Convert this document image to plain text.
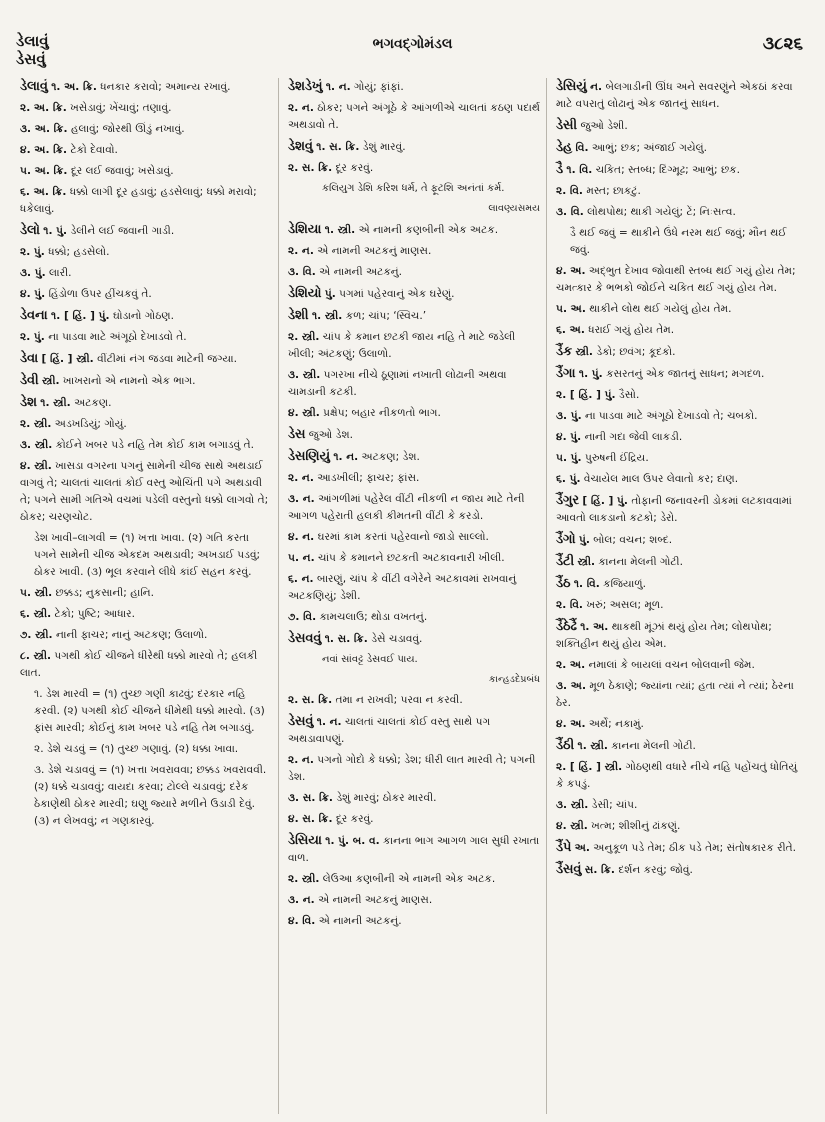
ડેલાવું
ડેસવું
ભગવદ્ગોમંડલ	૩૮૨૬
ડેલાવું ૧. અ. ક્રિ. ધનકાર કરાવો; અમાન્ય રખાવું.
૨. અ. ક્રિ. ખસેડાવું; ખેંચાવું; તણાવું.
૩. અ. ક્રિ. હલાવું; જોરથી ઊંડું નખાવું.
૪. અ. ક્રિ. ટેકો દેવાવો.
૫. અ. ક્રિ. દૂર લઈ જવાવું; ખસેડાવું.
૬. અ. ક્રિ. ધક્કો લાગી દૂર હડાવું; હડસેલાવું; ધક્કો મરાવો; ધકેલાવું.
ડેલો ૧. પું. ડેલીને લઈ જવાની ગાડી.
૨. પું. ધક્કો; હડસેલો.
૩. પું. લારી.
૪. પું. હિંડોળા ઉપર હીંચકવું તે.
ડેવના ૧. [ હિં. ] પું. ઘોડાનો ગોઠણ.
૨. પું. ના પાડવા માટે અંગૂઠો દેખાડવો તે.
ડેવા [ હિં. ] સ્ત્રી. વીંટીમાં નંગ જડવા માટેની જગ્યા.
ડેવી સ્ત્રી. ખાખરાનો એ નામનો એક ભાગ.
ડેશ ૧. સ્ત્રી. અટકણ.
૨. સ્ત્રી. અડખડિયું; ગોયું.
૩. સ્ત્રી. કોઈને ખબર પડે નહિ તેમ કોઈ કામ બગાડવું તે.
૪. સ્ત્રી. ખાસડા વગરના પગનું સામેની ચીજ સાથે અથડાઈ વાગવું તે; ચાલતાં ચાલતાં કોઈ વસ્તુ ઓચિંતી પગે અથડાવી તે; પગને સામી ગતિએ વચમાં પડેલી વસ્તુનો ધક્કો લાગવો તે; ઠોકર; ચરણચોટ.
ડેશ ખાવી–લાગવી = (૧) ખત્તા ખાવા. (૨) ગતિ કરતા પગને સામેની ચીજ એકદમ અથડાવી; અખડાઈ પડવું; ઠોકર ખાવી. (૩) ભૂલ કરવાને લીધે કાંઈ સહન કરવું.
૫. સ્ત્રી. છક્કડ; નુકસાની; હાનિ.
૬. સ્ત્રી. ટેકો; પુષ્ટિ; આધાર.
૭. સ્ત્રી. નાની ફાચર; નાનું અટકણ; ઉલાળો.
૮. સ્ત્રી. પગથી કોઈ ચીજને ધીરેથી ધક્કો મારવો તે; હલકી લાત.
૧. ડેશ મારવી = (૧) તુચ્છ ગણી કાઢવું; દરકાર નહિ કરવી. (૨) પગથી કોઈ ચીજને ધીમેથી ધક્કો મારવો. (૩) ફાંસ મારવી; કોઈનું કામ ખબર પડે નહિ તેમ બગાડવું.
૨. ડેશે ચડવું = (૧) તુચ્છ ગણાવું. (૨) ધક્કા ખાવા.
૩. ડેશે ચડાવવું = (૧) ખત્તા ખવરાવવા; છક્કડ ખવરાવવી. (૨) ધક્કે ચડાવવું; વાયદા કરવા; ટોલ્લે ચડાવવું; દરેક ઠેકાણેથી ઠોકર મારવી; ઘણુ જ્યારે મળીને ઉડાડી દેવું. (૩) ન લેખવવું; ન ગણકારવું.
ડેશડેખું ૧. ન. ગોયું; ફાંફાં.
૨. ન. ઠોકર; પગને અંગૂઠે કે આંગળીએ ચાલતાં કઠણ પદાર્થ અથડાવો તે.
ડેશવું ૧. સ. ક્રિ. ડેશું મારવું.
૨. સ. ક્રિ. દૂર કરવું.
કલિયુગ ડેશિ કરિશ ધર્મ, તે ફૂટશિ અનંતાં કર્મ.
લાવણ્યસમય
ડેશિયા ૧. સ્ત્રી. એ નામની કણબીની એક અટક.
૨. ન. એ નામની અટકનું માણસ.
૩. વિ. એ નામની અટકનું.
ડેશિયો પું. પગમાં પહેરવાનું એક ઘરેણું.
ડેશી ૧. સ્ત્રી. કળ; ચાંપ; ‘સ્વિચ.’
૨. સ્ત્રી. ચાંપ કે કમાન છટકી જાય નહિ તે માટે જડેલી ખીલી; અંટકણું; ઉલાળો.
૩. સ્ત્રી. પગરખા નીચે ઠૂણામાં નખાતી લોઢાની અથવા ચામડાની કટકી.
૪. સ્ત્રી. પ્રક્ષેપ; બહાર નીકળતો ભાગ.
ડેસ જુઓ ડેશ.
ડેસણિયું ૧. ન. અટકણ; ડેશ.
૨. ન. આડખીલી; ફાચર; ફાંસ.
૩. ન. આંગળીમાં પહેરેલ વીંટી નીકળી ન જાય માટે તેની આગળ પહેરાતી હલકી કીમતની વીંટી કે કરડો.
૪. ન. ઘરમાં કામ કરતાં પહેરવાનો જાડો સાલ્લો.
૫. ન. ચાંપ કે કમાનને છટકતી અટકાવનારી ખીલી.
૬. ન. બારણું, ચાંપ કે વીંટી વગેરેને અટકાવમાં રાખવાનું અટકણિયું; ડેશી.
૭. વિ. કામચલાઉ; થોડા વખતનું.
ડેસવવું ૧. સ. ક્રિ. ડેસે ચડાવવું.
નવાં સાંવટ્ટ ડેસવઈ પાય.
કાન્હડદેપ્રબંધ
૨. સ. ક્રિ. તમા ન રાખવી; પરવા ન કરવી.
ડેસવું ૧. ન. ચાલતાં ચાલતાં કોઈ વસ્તુ સાથે પગ અથડાવાપણું.
૨. ન. પગનો ગોદો કે ધક્કો; ડેશ; ધીરી લાત મારવી તે; પગની ડેશ.
૩. સ. ક્રિ. ડેશું મારવું; ઠોકર મારવી.
૪. સ. ક્રિ. દૂર કરવું.
ડેસિયા ૧. પું. બ. વ. કાનના ભાગ આગળ ગાલ સુધી રખાતા વાળ.
૨. સ્ત્રી. લેઉઆ કણબીની એ નામની એક અટક.
૩. ન. એ નામની અટકનું માણસ.
૪. વિ. એ નામની અટકનું.
ડેસિયું ન. બેલગાડીની ઊંધ અને સવરણુંને એકઠાં કરવા માટે વપરાતું લોઢાનું એક જાતનું સાધન.
ડેસી જુઓ ડેશી.
ડેહ વિ. આભું; છક; અંજાઈ ગયેલું.
ડૈ ૧. વિ. ચકિત; સ્તબ્ધ; દિંગ્મૂઢ; આભું; છક.
૨. વિ. મસ્ત; છાકટું.
૩. વિ. લોથપોથ; થાકી ગયેલું; ટેં; નિઃસત્વ.
ડૈ થઈ જવું = થાકીને ઉંધે નરમ થઈ જવું; મૌન થઈ જવું.
૪. અ. અદ્ભુત દેખાવ જોવાથી સ્તબ્ધ થઈ ગયું હોય તેમ; ચમત્કાર કે ભભકો જોઈને ચકિત થઈ ગયું હોય તેમ.
૫. અ. થાકીને લોથ થઈ ગયેલું હોય તેમ.
૬. અ. ધરાઈ ગયું હોય તેમ.
ડૈંક સ્ત્રી. ડેકો; છવંગ; કૂદકો.
ડૈંગા ૧. પું. કસરતનું એક જાતનું સાધન; મગદળ.
૨. [ હિં. ] પું. ડૈસો.
૩. પું. ના પાડવા માટે અંગૂઠો દેખાડવો તે; ચબકો.
૪. પું. નાની ગદા જેવી લાકડી.
૫. પું. પુરુષની ઈંદ્રિય.
૬. પું. વેચાયેલ માલ ઉપર લેવાતો કર; દાણ.
ડૈંગુર [ હિં. ] પું. તોફાની જનાવરની ડોકમાં લટકાવવામાં આવતો લાકડાનો કટકો; ડેરો.
ડૈંગો પું. બોલ; વચન; શબ્દ.
ડૈંટી સ્ત્રી. કાનના મેલની ગોટી.
ડૈંઠ ૧. વિ. કજિયાળું.
૨. વિ. ખરું; અસલ; મૂળ.
ડૈંઠેઢૈં ૧. અ. થાકથી મૂંઝાં થયું હોય તેમ; લોથપોથ; શક્તિહીન થયું હોય એમ.
૨. અ. નમાલાં કે બાયલાં વચન બોલવાની જેમ.
૩. અ. મૂળ ઠેકાણે; જ્યાંના ત્યાં; હતા ત્યાં ને ત્યાં; ઠેરના ઠેર.
૪. અ. અર્થે; નકામું.
ડૈંઠી ૧. સ્ત્રી. કાનના મેલની ગોટી.
૨. [ હિં. ] સ્ત્રી. ગોઠણથી વધારે નીચે નહિ પહોંચતું ધોતિયું કે કપડું.
૩. સ્ત્રી. ડેસી; ચાંપ.
૪. સ્ત્રી. ખત્મ; શીશીનું ઢાંકણું.
ડૈંપે અ. અનુકૂળ પડે તેમ; ઠીક પડે તેમ; સંતોષકારક રીતે.
ડૈંસવું સ. ક્રિ. દર્શન કરવું; જોવું.
